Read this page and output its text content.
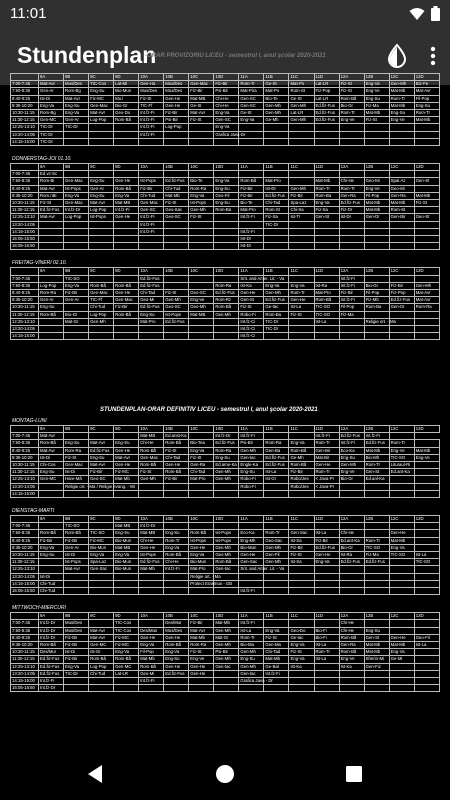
11:01
Stundenplan
-ORAR PROVIZORIU LICEU - semestrul I, anul şcolar 2020-2021
	9A	9B	9C	9D	10A	10B	10C	10D	11A	11B	11C	11D	12A	12B	12C	12D
7:00-7:45	Mat-Avr	Mus/Des	TIC-Cos	Lat-Mi	Gen-Ha	Mus/Des	Gen-Mac	Fiz-Bir	Rom-Tr	Ge-St	Mat-Po	Lat-LR	Fiz-St	Eng-Va	Gen-Mh	Biz-Fe
7:50-8:35	Gen-Ar	Rom-Bg	Eng-Su	Bio-Mun	Mus/Des	Mus/Des	Fiz-Bir	Psi-Bir	Mat-Pira	Mat-Po	Rom-St	Fiz-Pop	Fiz-St	Eng-Ve	Mat-Mb	Mat-Avr
8:40-9:25	Ist-Di	Mat-Avr	Fiz-MC	Mu.l	Fiz-St	Gen-He	Mat-MB	Chi-He	Gen-SC	Bio-Te	Ge-St	Lat-LR	Rom-Bã	Eng-Su	Rom-Tr	Fil-Pop
9:35-10:20	Eng-Va	Eng-Su	Gen-Mac	Bio-Gr	TIC-Ff	Gen-He	Ge-St	Chi-He	Gen-SC	Gen-Mh	Gen-Mh	Ed.fiz-Fus	Bio-Gr	Fiz-Ma	Mat-Mb	Eng-Su
10:30-11:15	Rom-Bg	Eng-Va	Mat-Avr	Geo-Do	Int.fz-Fi	Fiz-Bir	Mat-Avr	Eng-Va	Ge-St	Gen-Mh	Lat-LR	Ed.fiz-Fus	Rom-Tr	Mat-Mb	Eng-Su	Rom-Tr
11:30-12:15	Gen-MC	Gen-Ar	Log-Pop	Rom-Bã	Int.fz-Fi	Psi-Bir	Fiz-St	Gen-SC	Eng-Va	Ge-Mh	Gen-Mh	Ed.fiz-Fus	Eng-Ve	Fiz-St	Eng-Ve	Mat-Mb
12:25-13:10	TIC-Dr	TIC-Dr			Int.fz-Fi	Log-Pop		Eng-Va								
13:20-14:05	TIC-Dr				Int.fz-Fi			Grafica Java-Dr								
14:15-15:00	TIC-Dr															
DONNERSTAG-JOI 01.10.
	9A	9B	9C	9D	10A	10B	10C	10D	11A	11B	11C	11D	12A	12B	12C	12D
7:00-7:45	Ed.vz-Sc															
7:50-8:35	Rom-Bi	Gen-Mac	Eng-Su	Gen-He	Ist-Pops	Ed.fiz-Fus	Bio-Te	Eng-Va	Rom-Bã	Mat-Pro		Mat-Mb	Chi-He	Geo-Mi	Spal.Az	Gen-St
8:40-9:25	Mat-Avr	Ist-Pops	Gen-Ar	Rom-Bã	Fiz-Bir	Chi-Tud	Rom-Ra	Eng-Su	Fiz-Bir	Ist-Dr	Gen-Mh	Rom-Tr	Rom-Tr	Eng-Ve	Geo-Mi	
9:35-10:20	Rom.nBi	Eng-Va	Eng-Su	Eng-Va	Chi-Tud	Mat-Mb	Eng-Va	Geo-Fil	Fiz-Bir	Ed.fiz-Fus	Fiz-Bir	Rom-Ba	Gen-Ra	Fil-Pop	Gen-Ra	Mat-Mb
10:30-11:15	Fiz-St	Gen-Mac	Mat-Avr	Mat-MB	Gen-Mac	Fiz-St	Ist-Pops	Eng-Su	Bio-Te	Chi-Tad	Spa-Laz	Eng-Va	Ed.fiz-Fus	Mat-Mb	Mat-Mb	Fiz-St
11:30-12:15	Ed.fiz-Fus	Int.fz-Dr	Log-Pop	Int.fz-Fi	Gen-SC	Geo-Sac	Gen-Mh	Rom-Ba	Mat-Pro	Rom-St	Chi-Sa	Fiz-Sa	Fiz-Dr	Mat-Mb	Rom-St	
12:25-13:10	Mat-Avr	Log-Pop	Ist-Pops	Gen-He	Int.fz-Fi	Geo-SC	Fiz-St		Int.fz-Fi	Fiz-Sa	Ist-Tr	Gen-St	Ist-Dr	Gen-Dr	Gen-Bir	Geo-St
13:20-14:05					Int.fz-Fi					TIC-Dr						
14:15-15:00					Int.fz-Fi				Int.fz-Fi							
15:05-15:50									Int-Dr							
16:05-16:50									Int-Dr							
FREITAG-VINERI 02.10.
	9A	9B	9C	9D	10A	10B	10C	10D	11A	11B	11C	11D	12A	12B	12C	12D
7:00-7:45		TIC-SO			Ed.fiz-Fus				Srit. and Amer. Lit. - Va				Int.fz-Fi			
7:50-8:35	Log-Pop	Eng-Va	Rom-Bã	Rom-Bã	Ed.fiz-Fus			Rom-Ra	Ist-Ka	Eng-Va	Eng-Va	Ist-Ra	Int.fz-Fi	Bio-Gr	Fiz-Bir	Gen-Mh
8:40-9:25	Rom-Ra	Fiz-Bir	Gen-Mac	Gen-He	Chi-Tad	Fiz-St	Geo-SC	Ed.fiz-Fus	Gen-He	Gen-Mh	Rom-Tr	Mat-Pro	Fiz-Bir	Fil-Pop	Fiz-Pop	Mat-Avr
9:35-10:20	Gen-Ar	Gen-Ar	TIC-Ff	Gen-Mac	Geo-Mi	Gen-Mh	Eng-Ve	Rom-Rz	Gen-St	Ed.fiz-Fus	Gen-He	Rom-Bã	Int.fz-Fi	Fiz-Mb	Ed.fiz-Fus	Mat-Avr
10:30-11:15	Eng-Su		Chi-Tud	Fiz-Bir	Ed.fiz-Fus	Geo-SC	Geo-Mh	Rom-Bã	Fiz-St	Ge-tac	Ist-La	TIC-SO	Fil-Pop	Rom-Ba	Gen-Dr	Rom-Ra
11:30-12:15	Rom-Bã	Bio-Gr	Log-Pop	Rom-Bã	Eng-Su	Ist-Pops	Mat-MB	Gen-Mh	Robo-Fi	Rom-Ba	Fiz-St	TIC-SO	Fiz-Ma			
12:25-13:10		Mat-Gr	Gen-Mh		Mat-Pro	Ed.fiz-Fus			Int.fz-Ci	TIC-Dr		Ist-La		Religie ort. - Ma		
13:20-14:05									Int.fz-Ci	TIC-Dr						
14:15-15:00									Int.fz-Ci							
STUNDENPLAN-ORAR DEFINITIV LICEU - semestrul I, anul şcolar 2020-2021
MONTAG-LUNI
	9A	9B	9C	9D	10A	10B	10C	10D	11A	11B	11C	11D	12A	12B	12C	12D
7:00-7:45	Mat-Avr				Mat-MB	Ed.anst-Ka		Int.fz-Dr	Int.fz-Fi			Int.fz-Fi	Ed.fiz-Fus	Int.fz-Fi		
7:50-8:35	Rom-Bã	Eng-Su	Mat-Avr	Eng-Su	Chi-He	Rom-Bã	Bio-Tea	Ed.fiz-Fus	Psi-Bir	Rom-Ra	Eng-Va	Rom-Tr	Int.fz-Fi	Ed.fiz-Fus	Rom-Tr	
8:40-9:25	Mat-Avr	Rom-Ra	Ed.fiz-Fus	Gen-He	Rom-Bã	Fiz-St	Eng-Va	Rom-Ra	Gen-Mh	Gen-Ba	Rom-Bã	Gen-Bir	Eco-Ka	Mat-Mb	Eng-Ve	Mat-Mb
9:35-10:20	Ist-Di	Fiz-St	Eng-Su	Mat-Avr	Gen-Mac	Chi-Tad	Fiz-St	Eng-Su	Gen-tac	Ed.fiz-Fus	Ge-Mh	Mat-Bir	Eng-Su	Bio-Mh	TIC-SO	Eng-Ve
10:30-11:15	Chi-Cos	Gen-Mac	Mat-Avr	Gen-He	Rom-Bã	Gen-He	Gen-Ra	Ed.ame-Ka	Engle-Ka	Ed.fiz-Fus	Rom-Bã	Gen-He	Gen-Mh	Rom-Tr	Lituraul-Ri	
11:30-12:15	Eng-Su	Ist-Di	Fiz-Bir	Fiz-MC	Fiz-St	Rom-Bã	Chi-Tad	Gen-Mh	Eng-Su	Ist-La	Fiz-Bir	Rom-Tr	Eng-Ve	Gen-St	Ed.ant-Ka	
12:25-13:10	Gen-MC	Hare-Mã	Geo-SC	Mat-Mb	Gen-Mh	Fiz-Bir	Mat-Pro	Gen-Mh	Robo-Fi	Ist-Gr	Robo/Jes	< Java-Pr	Bio-Gr	Ed.anl-Ka		
13:20-14:05		Religie ort. - Ma / Religie evang. - Wi							Robo-Fi		Robo/Jes	< Java-Pr				
14:15-15:00																
DIENSTAG-MARTI
	9A	9B	9C	9D	10A	10B	10C	10D	11A	11B	11C	11D	12A	12B	12C	12D
7:00-7:45		TIC-SO		Mat-MB	Int.fz-Dr											
7:50-8:35	Rom-Bã	Rom-Bã	TIC-SO	Eng-Su	Mat-MB	Eng-Su	Rom-Bã	Ist-Pops	Eco-Ka	Rom-Tr	Gen-Sac	Ist-La	Chi-He		Gen-He	
8:40-9:25	Fiz-Bir	Fiz-Bir	Fiz-MC	Bio-Mun	Chi-He	Rom-Tr	Ist-Pops	Ist-Pops	Eng-Mh	Geo-Sac	Ist-Sa	Fiz-Bir	Ed.ant-Ka	Rom-Tr	Mat-Mb	
9:35-10:20	Eng-Va	Gen-Ar	Bio-Mun	Mat-MB	Gen-He	Eng-Va	Gen-He	Gen-Mh	Bio-Mun	Gen-Mh	Fiz-Bir	Ed.fiz-Fus	Bio-Gr	TIC-SO	Eng-Va	
10:30-11:15	Eng-Su	Ist-Di	Eng-Va	Eng-Va	Ist-Pops	Rom-Bã	Eng-Va	Geo-Mh	Gen-He	Gen-Fil	Fiz-St	Gen-He	Ist-Ra	Fiz-Ma	TIC-SO	Ist-La
11:30-12:15		Ist-Pops	Spa-Laz	Bio-Mun	Ed.fiz-Fus	Chi-He	Bio-Mun	Rom-Bã	Gen-Sac	Gen-Mh	Ist-Sa	Eng-Va	Ed.fiz-Fus	Ed.fiz-Fus		TIC-SO
12:25-13:10		Mat-Avr	Gen-Sac	Bio-Mun	Mat-Mb	Int.fz-Fi	Mat-Pro	Gen-tac	Srit. and Amer. Lit. - Va							
13:20-14:05	Ist-Di						Religie ort. - Ma									
14:15-15:00	Chi-Tud						Protect Erasmus - GB									
15:05-15:50	Chi-Tud								Int.fz-Fi							
MITTWOCH-MIERCURI
	9A	9B	9C	9D	10A	10B	10C	10D	11A	11B	11C	11D	12A	12B	12C	12D
7:00-7:45	Int.fz-Dr	Mus/Des		TIC-Cos		Des/Mur	Fiz-Bir	Mat-Mb	Int.fz-Fi				Chi-He			
7:50-8:35	Int.fz-Dr	Mus/Des	Mat-Avr	TIC-Cos	Des/Mus	Mus/Des	Mat-Avr	Gen-Mh	Ist-La	Eng-Va	Geo-Do	Bio-Fi	Chi-He	Eng-Su		
8:40-9:25	Int.fz-Dr	Fiz-Bir	Mat-Avr	Fiz-MC	Gen-He	Gen-He	Mat-Mb	Mat-Gr	Rom-Tr	Fiz-St	Ge-tac	Bio-Fi	Rom-Bã	Gen-St	Gen-He	Geo-Fil
9:35-10:20	Rom-Bã	Fiz-Bir	Gen-MC	Fiz-MC	Eng-Va	Rom-Bã	Rom-Ra	Gen-Mh	Bio-Ma	Gen-Ma	Eng-Va	Ist-La	Gen-Ra	Mat-Mb	Mat-Mb	Ist-La
10:30-11:15	Des/Mur	Ist-Di	Ist-Gr	Eng-Va	Fil-Pop	Eng-Va	Fiz-St	Psi-Bir	Gen-Mh	Chi-Tad	Fiz-St	Rom-Tr	Rom-Bã	Mat-Mb	Eng-Va	
11:30-12:15	Ed.fiz-Fus	Fiz-Bir	Rom-Bã	Rom-Bã	Mat-Mb	Eng-Su	Eng-Ve	Gen-Mh	Eng-Su	Mat-Mb	Eng-Va	Ist-La	Eng-Ve	Sherin-Mi	Ge-Mi	
12:25-13:10	Ed.fiz-Fus	Eng-Va	Log-Pop	Gen-MC	Rom-Bã	Gen-He	Gen-He	Gen-tac	Gen-Mh	Ge-Bal	Ist-Ka		Ist-Ka	Gen-Fiz		
13:20-14:05	Ed.fiz-Fus	TIC-Dr	Chi-Tud	Lat-LR	Geo-Mi	Ed.fiz-Fus	Gen-He		Gen-tac	Int.fz-Fi						
14:15-15:00	Int.fz-Fi				Int.fz-Fi				Grafica Java - Dr							
15:05-15:50	Int.fz-Dr															
